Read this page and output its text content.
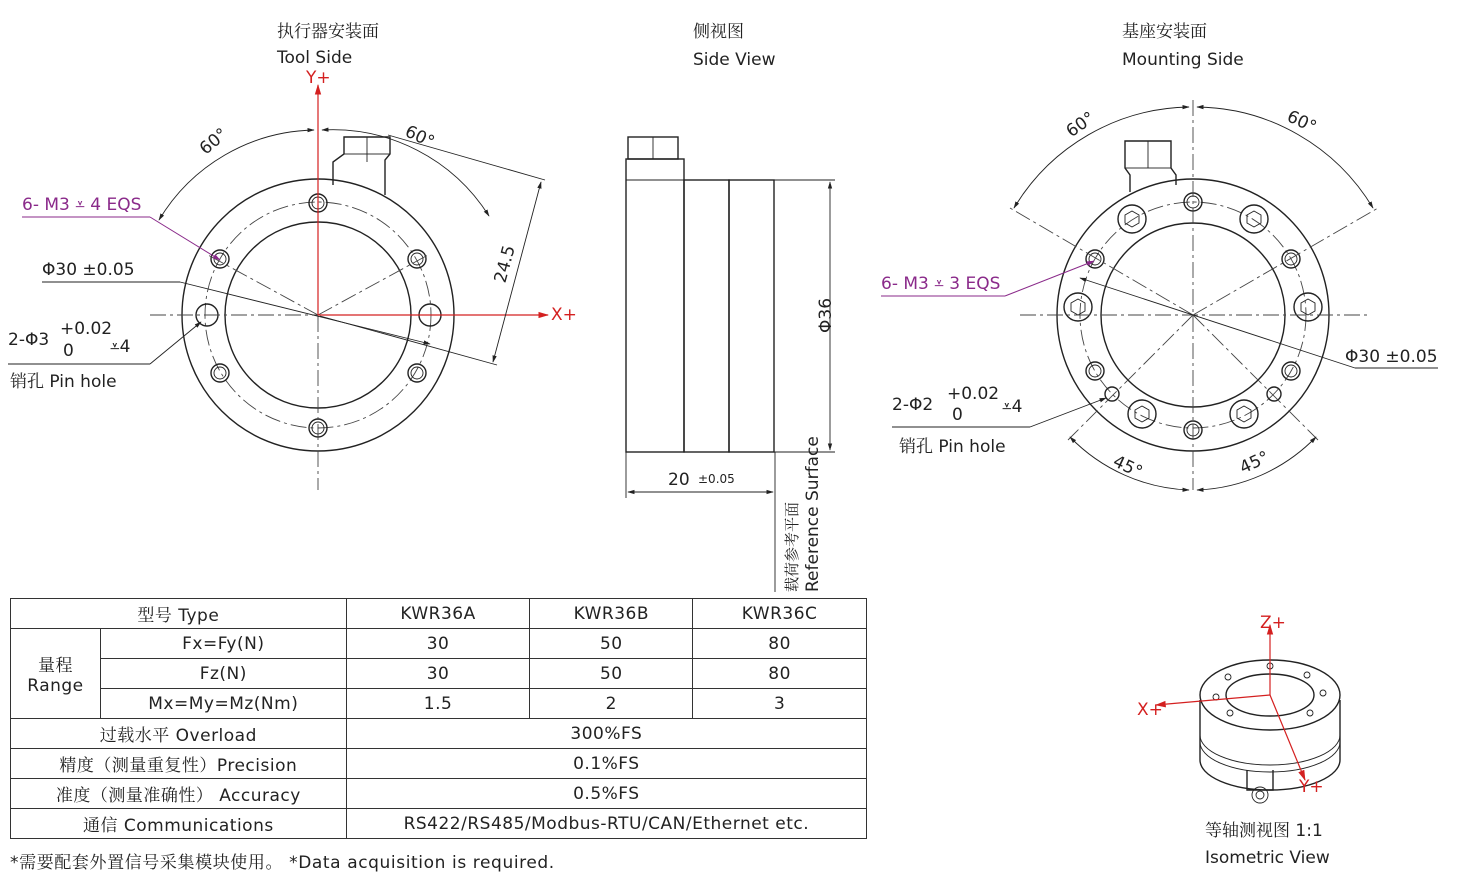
执行器安装面
Tool Side
X+
Y+
60°	60°
24.5
6- M3 ⩡ 4 EQS
Φ30 ±0.05
2-Φ3
+0.02
0 ⩡4
销孔 Pin hole
侧视图
Side View
Φ36
20 ±0.05
载荷参考平面 Reference Surface
基座安装面
Mounting Side
60°	60°
45°	45°
6- M3 ⩡ 3 EQS
Φ30 ±0.05
2-Φ2
+0.02
0 ⩡4
销孔 Pin hole
Z+
X+
Y+
等轴测视图 1:1
Isometric View
型号 Type		KWR36A	KWR36B	KWR36C

量程
Range	Fx=Fy(N)	30	50	80
	Fz(N)	30	50	80
	Mx=My=Mz(Nm)	1.5	2	3
过载水平 Overload		300%FS		
精度（测量重复性）Precision		0.1%FS		
准度（测量准确性） Accuracy		0.5%FS		
通信 Communications		RS422/RS485/Modbus-RTU/CAN/Ethernet etc.		
*需要配套外置信号采集模块使用。 *Data acquisition is required.
